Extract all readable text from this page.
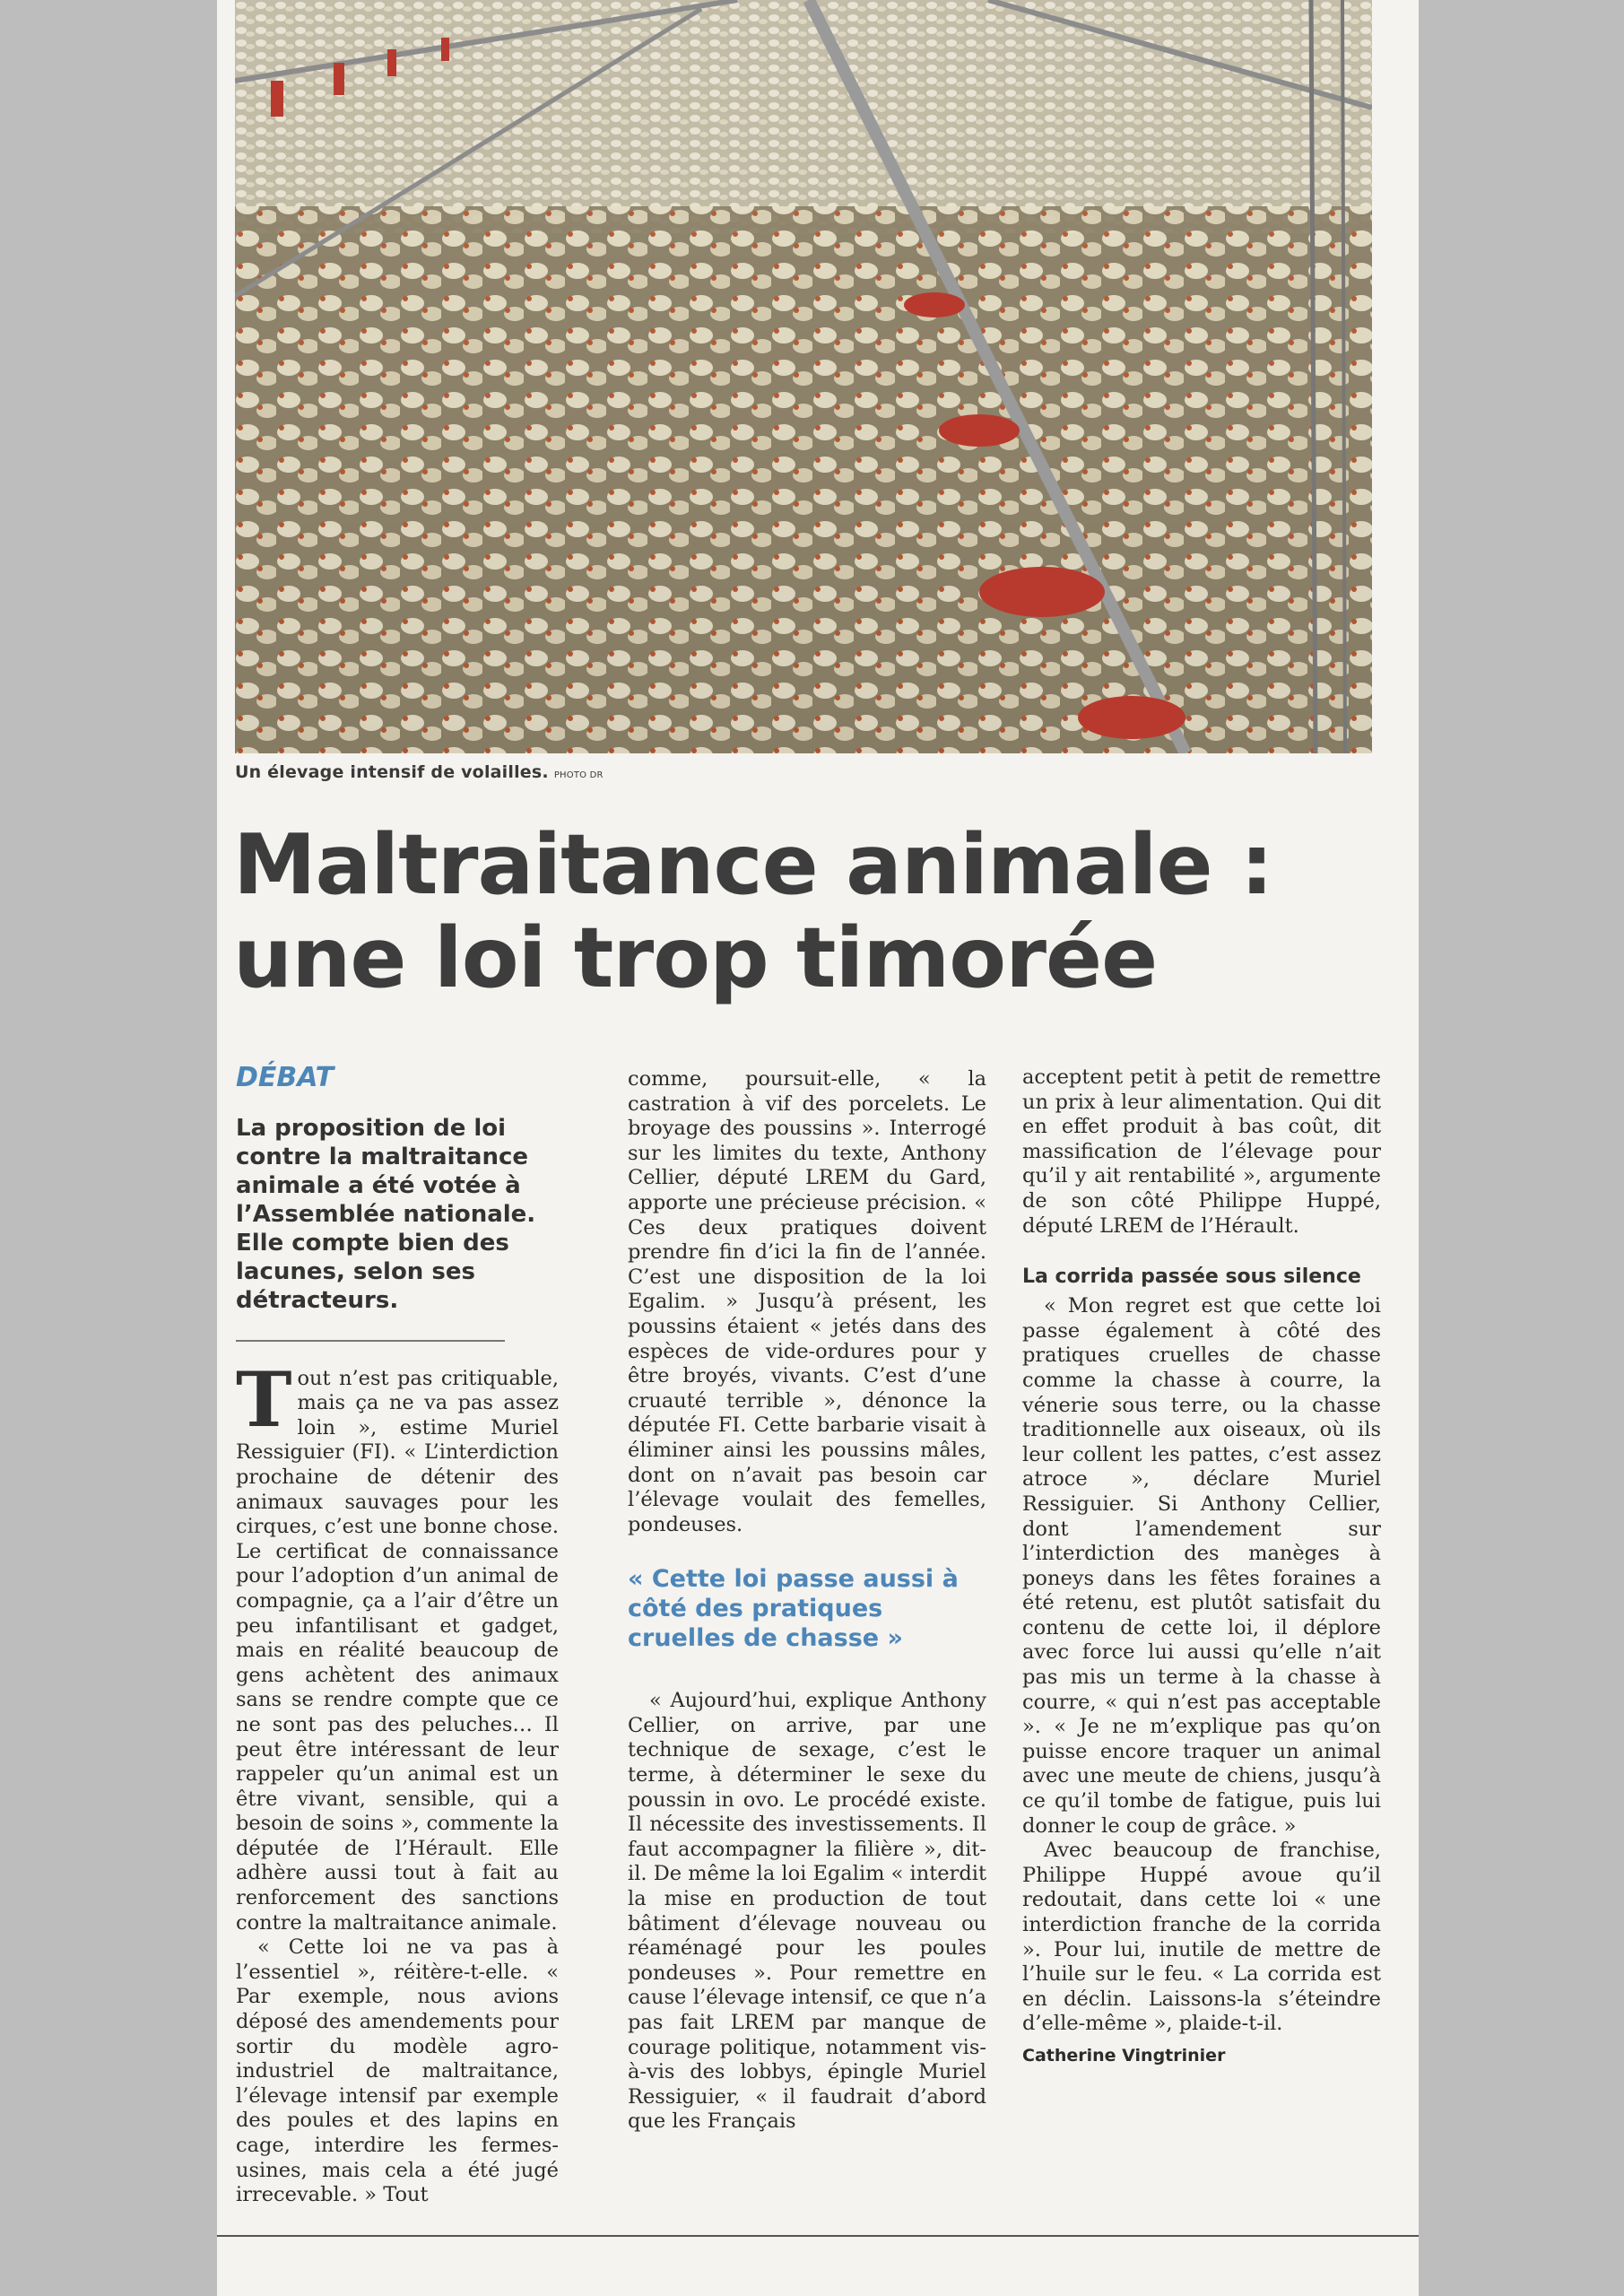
Un élevage intensif de volailles. PHOTO DR
Maltraitance animale :
une loi trop timorée
DÉBAT
La proposition de loi contre la maltraitance animale a été votée à l’Assemblée nationale. Elle compte bien des lacunes, selon ses détracteurs.

Tout n’est pas critiquable, mais ça ne va pas assez loin », estime Muriel Ressiguier (FI). « L’interdiction prochaine de détenir des animaux sauvages pour les cirques, c’est une bonne chose. Le certificat de connaissance pour l’adoption d’un animal de compagnie, ça a l’air d’être un peu infantilisant et gadget, mais en réalité beaucoup de gens achètent des animaux sans se rendre compte que ce ne sont pas des peluches… Il peut être intéressant de leur rappeler qu’un animal est un être vivant, sensible, qui a besoin de soins », commente la députée de l’Hérault. Elle adhère aussi tout à fait au renforcement des sanctions contre la maltraitance animale.

« Cette loi ne va pas à l’essentiel », réitère-t-elle. « Par exemple, nous avions déposé des amendements pour sortir du modèle agro-industriel de maltraitance, l’élevage intensif par exemple des poules et des lapins en cage, interdire les fermes-usines, mais cela a été jugé irrecevable. » Tout

comme, poursuit-elle, « la castration à vif des porcelets. Le broyage des poussins ». Interrogé sur les limites du texte, Anthony Cellier, député LREM du Gard, apporte une précieuse précision. « Ces deux pratiques doivent prendre fin d’ici la fin de l’année. C’est une disposition de la loi Egalim. » Jusqu’à présent, les poussins étaient « jetés dans des espèces de vide-ordures pour y être broyés, vivants. C’est d’une cruauté terrible », dénonce la députée FI. Cette barbarie visait à éliminer ainsi les poussins mâles, dont on n’avait pas besoin car l’élevage voulait des femelles, pondeuses.

« Cette loi passe aussi à côté des pratiques cruelles de chasse »

« Aujourd’hui, explique Anthony Cellier, on arrive, par une technique de sexage, c’est le terme, à déterminer le sexe du poussin in ovo. Le procédé existe. Il nécessite des investissements. Il faut accompagner la filière », dit-il. De même la loi Egalim « interdit la mise en production de tout bâtiment d’élevage nouveau ou réaménagé pour les poules pondeuses ». Pour remettre en cause l’élevage intensif, ce que n’a pas fait LREM par manque de courage politique, notamment vis-à-vis des lobbys, épingle Muriel Ressiguier, « il faudrait d’abord que les Français

acceptent petit à petit de remettre un prix à leur alimentation. Qui dit en effet produit à bas coût, dit massification de l’élevage pour qu’il y ait rentabilité », argumente de son côté Philippe Huppé, député LREM de l’Hérault.

La corrida passée sous silence

« Mon regret est que cette loi passe également à côté des pratiques cruelles de chasse comme la chasse à courre, la vénerie sous terre, ou la chasse traditionnelle aux oiseaux, où ils leur collent les pattes, c’est assez atroce », déclare Muriel Ressiguier. Si Anthony Cellier, dont l’amendement sur l’interdiction des manèges à poneys dans les fêtes foraines a été retenu, est plutôt satisfait du contenu de cette loi, il déplore avec force lui aussi qu’elle n’ait pas mis un terme à la chasse à courre, « qui n’est pas acceptable ». « Je ne m’explique pas qu’on puisse encore traquer un animal avec une meute de chiens, jusqu’à ce qu’il tombe de fatigue, puis lui donner le coup de grâce. »

Avec beaucoup de franchise, Philippe Huppé avoue qu’il redoutait, dans cette loi « une interdiction franche de la corrida ». Pour lui, inutile de mettre de l’huile sur le feu. « La corrida est en déclin. Laissons-la s’éteindre d’elle-même », plaide-t-il.

Catherine Vingtrinier
